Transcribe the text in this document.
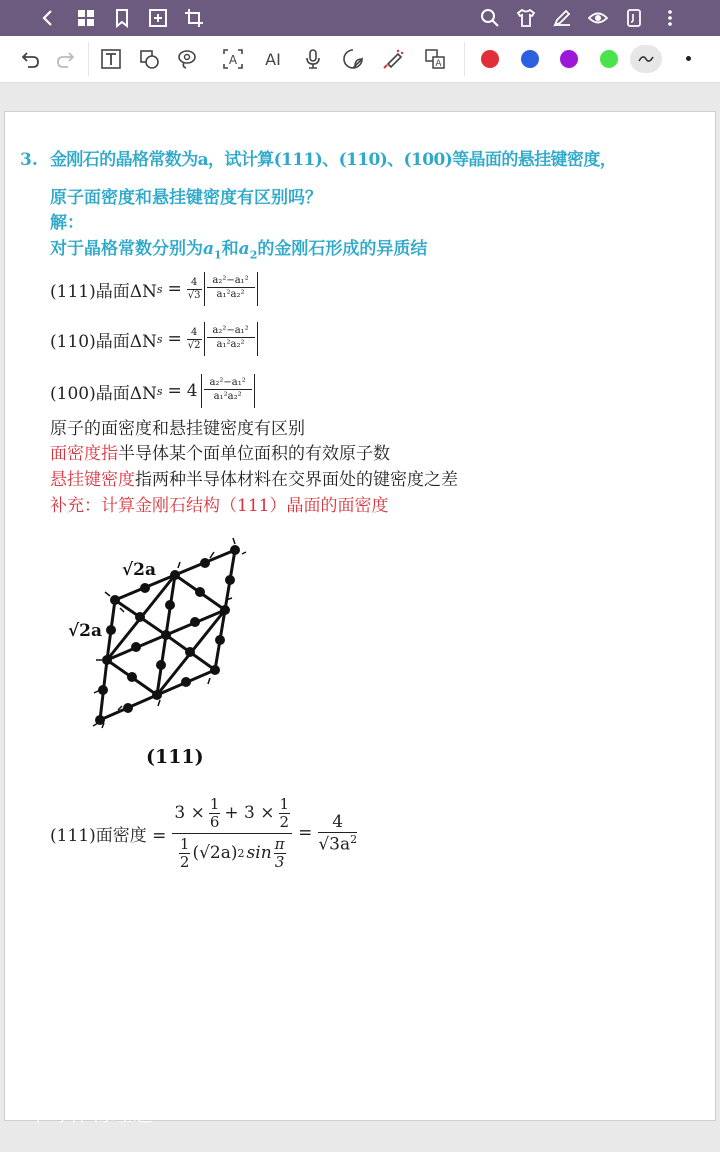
A AI	A
3. 金刚石的晶格常数为a，试计算(111)、(110)、(100)等晶面的悬挂键密度，
原子面密度和悬挂键密度有区别吗？
解：
对于晶格常数分别为$a_1$和$a_2$的金刚石形成的异质结
(111)晶面ΔN $s = \frac{4}{√3} \frac{\text{a₂²−a₁²}}{\text{a₁²a₂²}}$
(110)晶面ΔN $s = \frac{4}{√2} \frac{\text{a₂²−a₁²}}{\text{a₁²a₂²}}$
(100)晶面ΔN $s = 4 \frac{\text{a₂²−a₁²}}{\text{a₁²a₂²}}$
原子的面密度和悬挂键密度有区别
面密度指半导体某个面单位面积的有效原子数
悬挂键密度指两种半导体材料在交界面处的键密度之差
补充：计算金刚石结构（111）晶面的面密度
√2a
√2a
(111)
(111)面密度 = $\frac{3 \times \frac{1}{6} + 3 \times \frac{1}{2}}{\frac{1}{2} (√2a) 2 \sin \frac{\pi}{3}} = \frac{4}{√3a^2}$
半导体物理题	bilibili
